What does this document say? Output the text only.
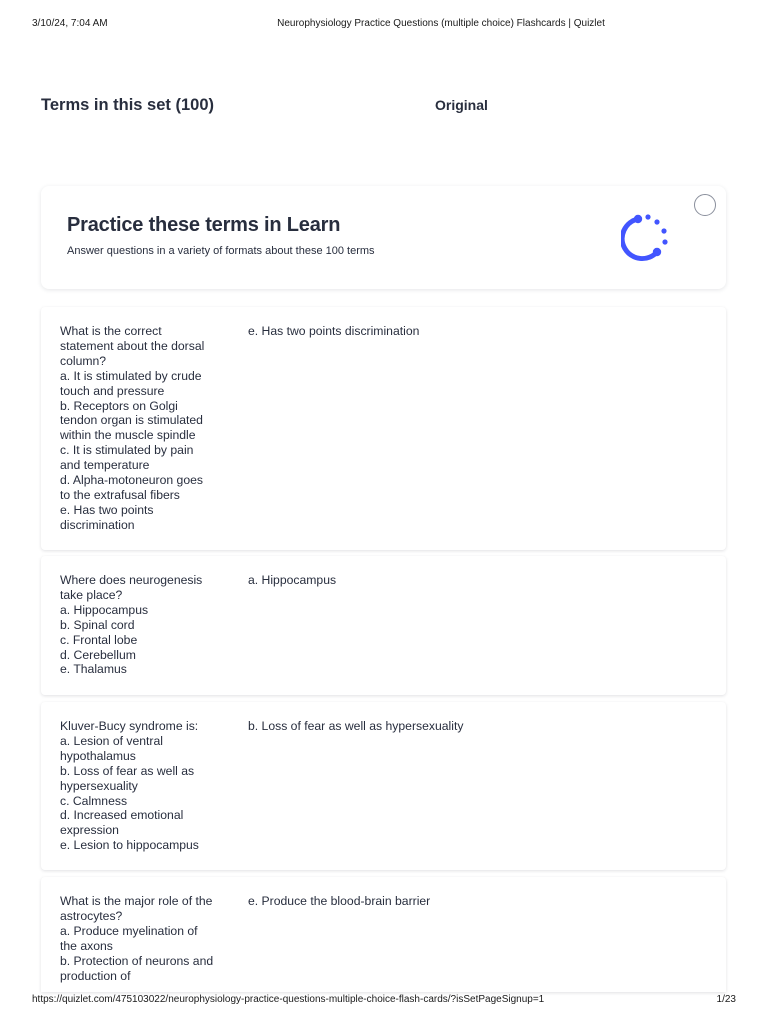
3/10/24, 7:04 AM	Neurophysiology Practice Questions (multiple choice) Flashcards | Quizlet
Terms in this set (100)	Original
Practice these terms in Learn
Answer questions in a variety of formats about these 100 terms
What is the correct statement about the dorsal column?
a. It is stimulated by crude touch and pressure
b. Receptors on Golgi tendon organ is stimulated within the muscle spindle
c. It is stimulated by pain and temperature
d. Alpha-motoneuron goes to the extrafusal fibers
e. Has two points discrimination
e. Has two points discrimination
Where does neurogenesis take place?
a. Hippocampus
b. Spinal cord
c. Frontal lobe
d. Cerebellum
e. Thalamus
a. Hippocampus
Kluver-Bucy syndrome is:
a. Lesion of ventral hypothalamus
b. Loss of fear as well as hypersexuality
c. Calmness
d. Increased emotional expression
e. Lesion to hippocampus
b. Loss of fear as well as hypersexuality
What is the major role of the astrocytes?
a. Produce myelination of the axons
b. Protection of neurons and production of
e. Produce the blood-brain barrier
https://quizlet.com/475103022/neurophysiology-practice-questions-multiple-choice-flash-cards/?isSetPageSignup=1	1/23
